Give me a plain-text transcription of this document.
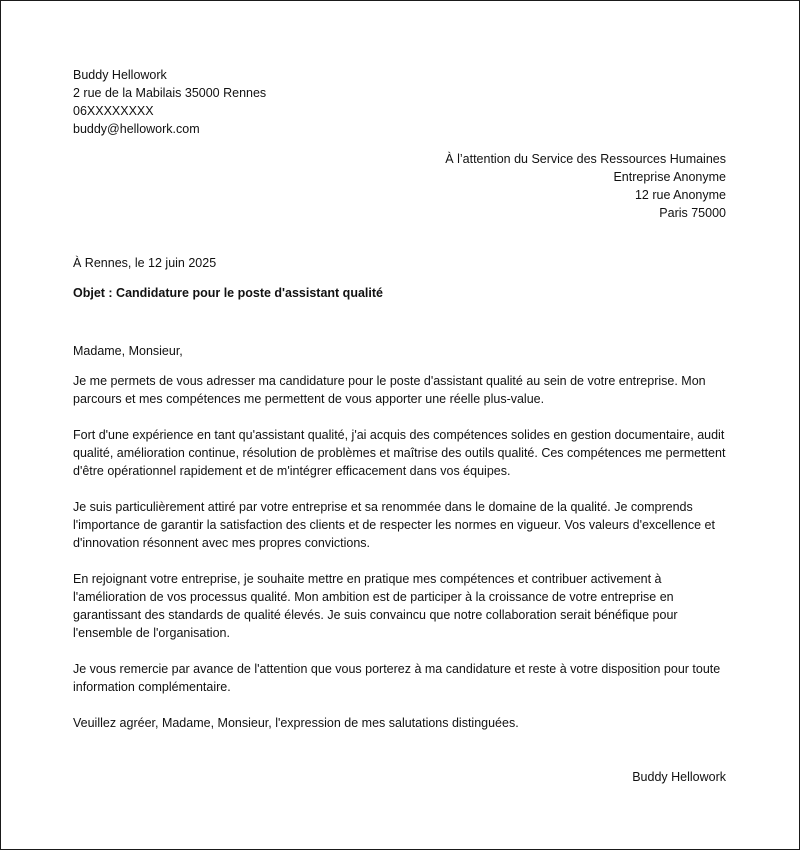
Buddy Hellowork
2 rue de la Mabilais 35000 Rennes
06XXXXXXXX
buddy@hellowork.com
À l’attention du Service des Ressources Humaines
Entreprise Anonyme
12 rue Anonyme
Paris 75000
À Rennes, le 12 juin 2025
Objet : Candidature pour le poste d'assistant qualité

Madame, Monsieur,

Je me permets de vous adresser ma candidature pour le poste d'assistant qualité au sein de votre entreprise. Mon parcours et mes compétences me permettent de vous apporter une réelle plus-value.

Fort d'une expérience en tant qu'assistant qualité, j'ai acquis des compétences solides en gestion documentaire, audit qualité, amélioration continue, résolution de problèmes et maîtrise des outils qualité. Ces compétences me permettent d'être opérationnel rapidement et de m'intégrer efficacement dans vos équipes.

Je suis particulièrement attiré par votre entreprise et sa renommée dans le domaine de la qualité. Je comprends l'importance de garantir la satisfaction des clients et de respecter les normes en vigueur. Vos valeurs d'excellence et d'innovation résonnent avec mes propres convictions.

En rejoignant votre entreprise, je souhaite mettre en pratique mes compétences et contribuer activement à l'amélioration de vos processus qualité. Mon ambition est de participer à la croissance de votre entreprise en garantissant des standards de qualité élevés. Je suis convaincu que notre collaboration serait bénéfique pour l'ensemble de l'organisation.

Je vous remercie par avance de l'attention que vous porterez à ma candidature et reste à votre disposition pour toute information complémentaire.

Veuillez agréer, Madame, Monsieur, l'expression de mes salutations distinguées.

Buddy Hellowork
